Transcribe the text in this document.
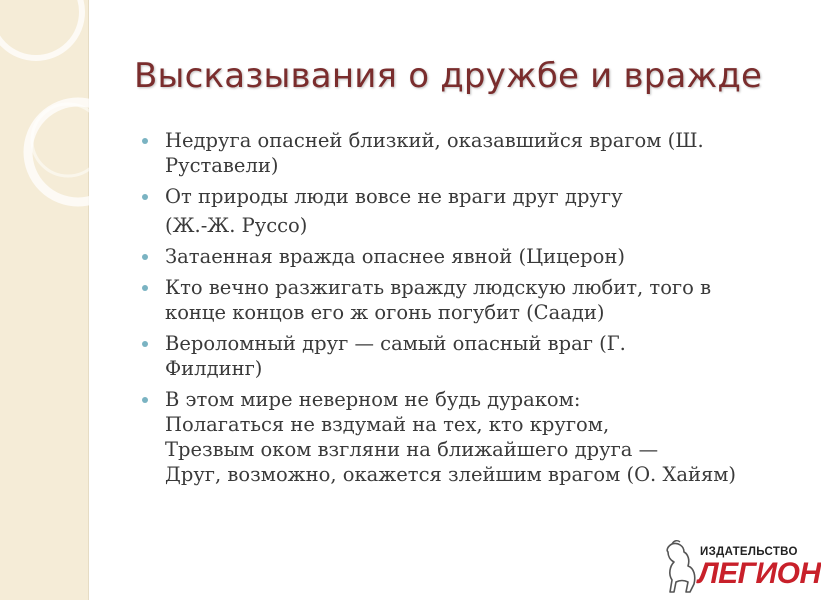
Высказывания о дружбе и вражде
Недруга опасней близкий, оказавшийся врагом (Ш.
Руставели)
От природы люди вовсе не враги друг другу
(Ж.-Ж. Руссо)
Затаенная вражда опаснее явной (Цицерон)
Кто вечно разжигать вражду людскую любит, того в
конце концов его ж огонь погубит (Саади)
Вероломный друг — самый опасный враг (Г.
Филдинг)
В этом мире неверном не будь дураком:
Полагаться не вздумай на тех, кто кругом,
Трезвым оком взгляни на ближайшего друга —
Друг, возможно, окажется злейшим врагом (О. Хайям)
ИЗДАТЕЛЬСТВО
ЛЕГИОН
